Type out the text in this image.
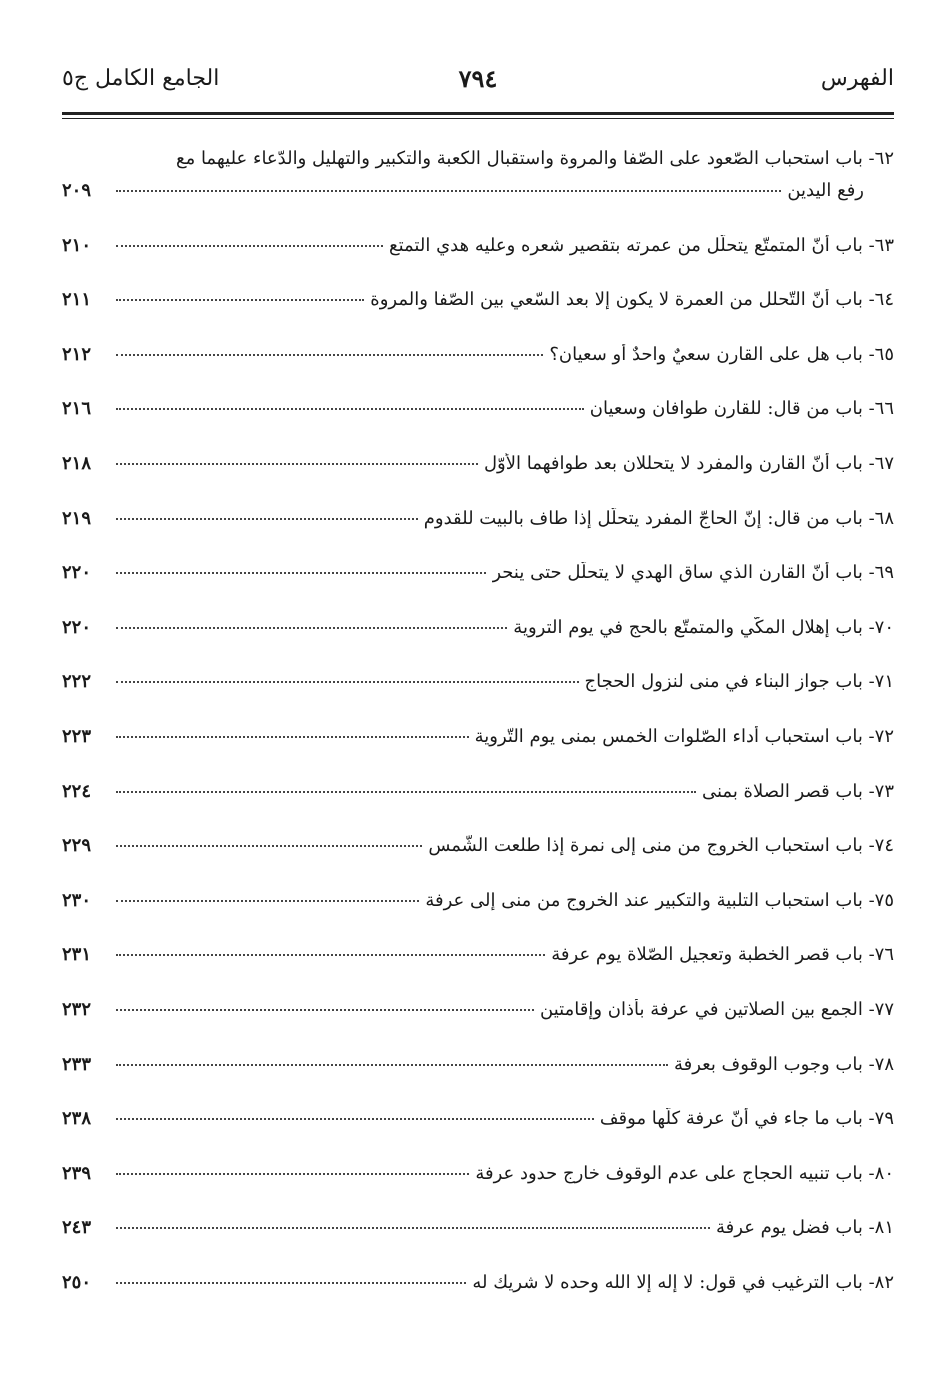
الفهرس
٧٩٤
الجامع الكامل ج٥
٦٢- باب استحباب الصّعود على الصّفا والمروة واستقبال الكعبة والتكبير والتهليل والدّعاء عليهما مع
رفع اليدين
٢٠٩
٦٣- باب أنّ المتمتّع يتحلّل من عمرته بتقصير شعره وعليه هدي التمتع
٢١٠
٦٤- باب أنّ التّحلل من العمرة لا يكون إلا بعد السّعي بين الصّفا والمروة
٢١١
٦٥- باب هل على القارن سعيٌ واحدٌ أو سعيان؟
٢١٢
٦٦- باب من قال: للقارن طوافان وسعيان
٢١٦
٦٧- باب أنّ القارن والمفرد لا يتحللان بعد طوافهما الأوّل
٢١٨
٦٨- باب من قال: إنّ الحاجّ المفرد يتحلّل إذا طاف بالبيت للقدوم
٢١٩
٦٩- باب أنّ القارن الذي ساق الهدي لا يتحلّل حتى ينحر
٢٢٠
٧٠- باب إهلال المكّي والمتمتّع بالحج في يوم التروية
٢٢٠
٧١- باب جواز البناء في منى لنزول الحجاج
٢٢٢
٧٢- باب استحباب أداء الصّلوات الخمس بمنى يوم التّروية
٢٢٣
٧٣- باب قصر الصلاة بمنى
٢٢٤
٧٤- باب استحباب الخروج من منى إلى نمرة إذا طلعت الشّمس
٢٢٩
٧٥- باب استحباب التلبية والتكبير عند الخروج من منى إلى عرفة
٢٣٠
٧٦- باب قصر الخطبة وتعجيل الصّلاة يوم عرفة
٢٣١
٧٧- الجمع بين الصلاتين في عرفة بأذان وإقامتين
٢٣٢
٧٨- باب وجوب الوقوف بعرفة
٢٣٣
٧٩- باب ما جاء في أنّ عرفة كلّها موقف
٢٣٨
٨٠- باب تنبيه الحجاج على عدم الوقوف خارج حدود عرفة
٢٣٩
٨١- باب فضل يوم عرفة
٢٤٣
٨٢- باب الترغيب في قول: لا إله إلا الله وحده لا شريك له
٢٥٠
